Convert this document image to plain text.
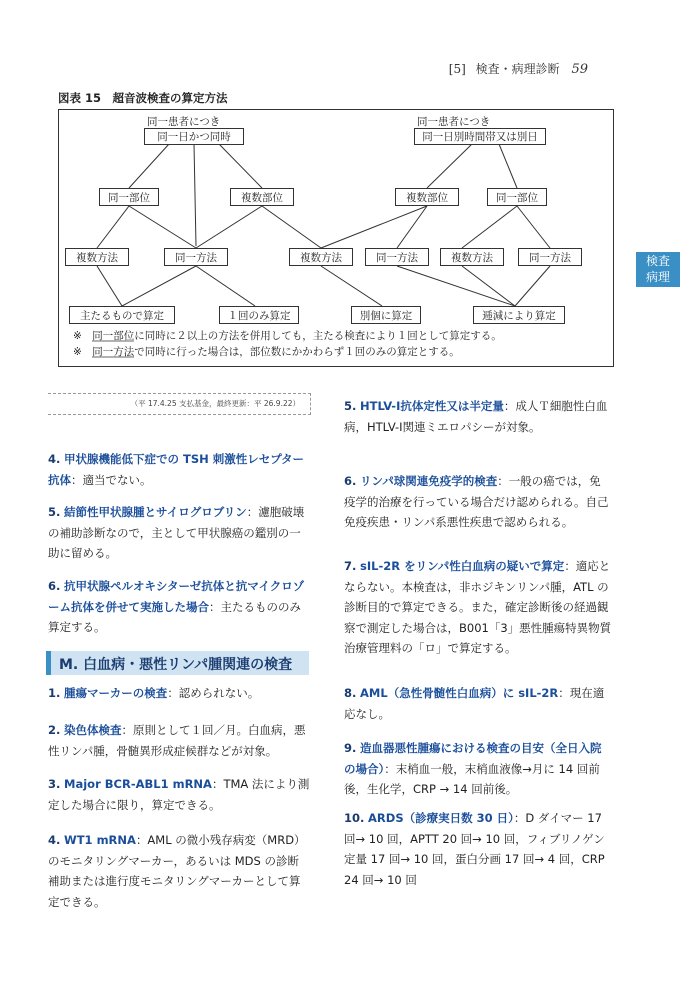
[5] 検査・病理診断 59
検査
病理
図表 15　超音波検査の算定方法
同一患者につき	同一患者につき
同一日かつ同時	同一日別時間帯又は別日
同一部位	複数部位	複数部位	同一部位
複数方法	同一方法	複数方法	同一方法	複数方法	同一方法
主たるもので算定	１回のみ算定	別個に算定	逓減により算定
※　同一部位に同時に２以上の方法を併用しても，主たる検査により１回として算定する。
※　同一方法で同時に行った場合は，部位数にかかわらず１回のみの算定とする。
（平 17.4.25 支払基金，最終更新：平 26.9.22）
4. 甲状腺機能低下症での TSH 刺激性レセプター抗体：適当でない。
5. 結節性甲状腺腫とサイログロブリン：濾胞破壊の補助診断なので，主として甲状腺癌の鑑別の一助に留める。
6. 抗甲状腺ペルオキシターゼ抗体と抗マイクロゾーム抗体を併せて実施した場合：主たるもののみ算定する。
M. 白血病・悪性リンパ腫関連の検査
1. 腫瘍マーカーの検査：認められない。
2. 染色体検査：原則として１回／月。白血病，悪性リンパ腫，骨髄異形成症候群などが対象。
3. Major BCR-ABL1 mRNA：TMA 法により測定した場合に限り，算定できる。
4. WT1 mRNA：AML の微小残存病変（MRD）のモニタリングマーカー，あるいは MDS の診断補助または進行度モニタリングマーカーとして算定できる。
5. HTLV-Ⅰ抗体定性又は半定量：成人Ｔ細胞性白血病，HTLV-Ⅰ関連ミエロパシーが対象。
6. リンパ球関連免疫学的検査：一般の癌では，免疫学的治療を行っている場合だけ認められる。自己免疫疾患・リンパ系悪性疾患で認められる。
7. sIL-2R をリンパ性白血病の疑いで算定：適応とならない。本検査は，非ホジキンリンパ腫，ATL の診断目的で算定できる。また，確定診断後の経過観察で測定した場合は，B001「3」悪性腫瘍特異物質治療管理料の「ロ」で算定する。
8. AML（急性骨髄性白血病）に sIL-2R：現在適応なし。
9. 造血器悪性腫瘍における検査の目安（全日入院の場合）：末梢血一般，末梢血液像→月に 14 回前後，生化学，CRP → 14 回前後。
10. ARDS（診療実日数 30 日）：D ダイマー 17 回→ 10 回，APTT 20 回→ 10 回，フィブリノゲン定量 17 回→ 10 回，蛋白分画 17 回→ 4 回，CRP 24 回→ 10 回
